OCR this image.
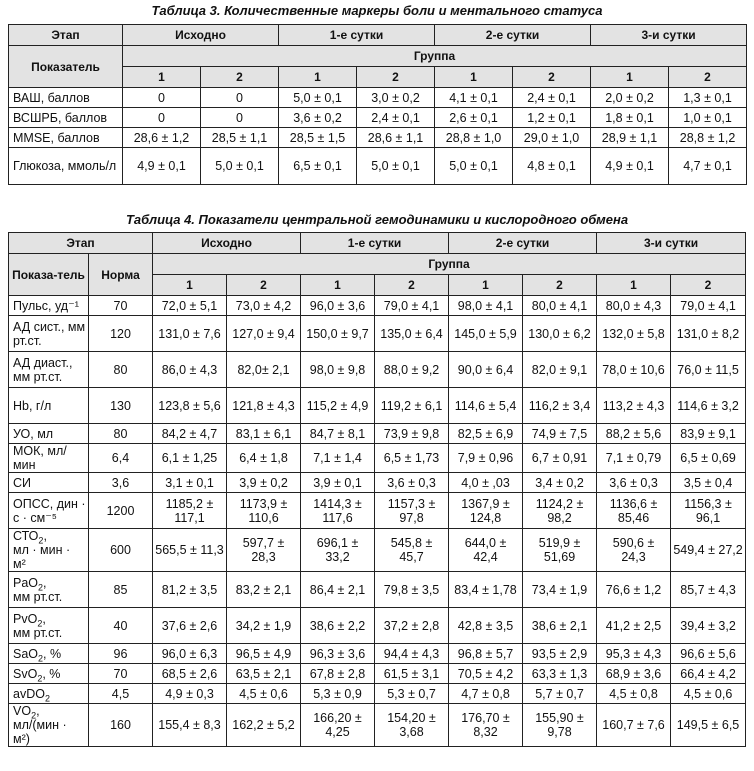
Таблица 3. Количественные маркеры боли и ментального статуса
Этап	Исходно		1-е сутки		2-е сутки		3-и сутки	
Показатель	Группа							
	1	2	1	2	1	2	1	2
ВАШ, баллов	0	0	5,0 ± 0,1	3,0 ± 0,2	4,1 ± 0,1	2,4 ± 0,1	2,0 ± 0,2	1,3 ± 0,1
ВСШРБ, баллов	0	0	3,6 ± 0,2	2,4 ± 0,1	2,6 ± 0,1	1,2 ± 0,1	1,8 ± 0,1	1,0 ± 0,1
MMSE, баллов	28,6 ± 1,2	28,5 ± 1,1	28,5 ± 1,5	28,6 ± 1,1	28,8 ± 1,0	29,0 ± 1,0	28,9 ± 1,1	28,8 ± 1,2
Глюкоза, ммоль/л	4,9 ± 0,1	5,0 ± 0,1	6,5 ± 0,1	5,0 ± 0,1	5,0 ± 0,1	4,8 ± 0,1	4,9 ± 0,1	4,7 ± 0,1
Таблица 4. Показатели центральной гемодинамики и кислородного обмена
Этап		Исходно		1-е сутки		2-е сутки		3-и сутки	
Показа-тель	Норма	Группа							
		1	2	1	2	1	2	1	2
Пульс, уд⁻¹	70	72,0 ± 5,1	73,0 ± 4,2	96,0 ± 3,6	79,0 ± 4,1	98,0 ± 4,1	80,0 ± 4,1	80,0 ± 4,3	79,0 ± 4,1
АД сист., мм рт.ст.	120	131,0 ± 7,6	127,0 ± 9,4	150,0 ± 9,7	135,0 ± 6,4	145,0 ± 5,9	130,0 ± 6,2	132,0 ± 5,8	131,0 ± 8,2
АД диаст., мм рт.ст.	80	86,0 ± 4,3	82,0± 2,1	98,0 ± 9,8	88,0 ± 9,2	90,0 ± 6,4	82,0 ± 9,1	78,0 ± 10,6	76,0 ± 11,5
Hb, г/л	130	123,8 ± 5,6	121,8 ± 4,3	115,2 ± 4,9	119,2 ± 6,1	114,6 ± 5,4	116,2 ± 3,4	113,2 ± 4,3	114,6 ± 3,2
УО, мл	80	84,2 ± 4,7	83,1 ± 6,1	84,7 ± 8,1	73,9 ± 9,8	82,5 ± 6,9	74,9 ± 7,5	88,2 ± 5,6	83,9 ± 9,1
МОК, мл/мин	6,4	6,1 ± 1,25	6,4 ± 1,8	7,1 ± 1,4	6,5 ± 1,73	7,9 ± 0,96	6,7 ± 0,91	7,1 ± 0,79	6,5 ± 0,69
СИ	3,6	3,1 ± 0,1	3,9 ± 0,2	3,9 ± 0,1	3,6 ± 0,3	4,0 ± ,03	3,4 ± 0,2	3,6 ± 0,3	3,5 ± 0,4
ОПСС, дин · с · см⁻⁵	1200	1185,2 ± 117,1	1173,9 ± 110,6	1414,3 ± 117,6	1157,3 ± 97,8	1367,9 ± 124,8	1124,2 ± 98,2	1136,6 ± 85,46	1156,3 ± 96,1
$СТО_2$,
мл · мин · м²	600	565,5 ± 11,3	597,7 ± 28,3	696,1 ± 33,2	545,8 ± 45,7	644,0 ± 42,4	519,9 ± 51,69	590,6 ± 24,3	549,4 ± 27,2
PaO$_2$,
мм рт.ст.	85	81,2 ± 3,5	83,2 ± 2,1	86,4 ± 2,1	79,8 ± 3,5	83,4 ± 1,78	73,4 ± 1,9	76,6 ± 1,2	85,7 ± 4,3
PvO$_2$,
мм рт.ст.	40	37,6 ± 2,6	34,2 ± 1,9	38,6 ± 2,2	37,2 ± 2,8	42,8 ± 3,5	38,6 ± 2,1	41,2 ± 2,5	39,4 ± 3,2
SaO$_2$, %	96	96,0 ± 6,3	96,5 ± 4,9	96,3 ± 3,6	94,4 ± 4,3	96,8 ± 5,7	93,5 ± 2,9	95,3 ± 4,3	96,6 ± 5,6
SvO$_2$, %	70	68,5 ± 2,6	63,5 ± 2,1	67,8 ± 2,8	61,5 ± 3,1	70,5 ± 4,2	63,3 ± 1,3	68,9 ± 3,6	66,4 ± 4,2
avDO$_2$	4,5	4,9 ± 0,3	4,5 ± 0,6	5,3 ± 0,9	5,3 ± 0,7	4,7 ± 0,8	5,7 ± 0,7	4,5 ± 0,8	4,5 ± 0,6
$VO_2$,
мл/(мин · м²)	160	155,4 ± 8,3	162,2 ± 5,2	166,20 ± 4,25	154,20 ± 3,68	176,70 ± 8,32	155,90 ± 9,78	160,7 ± 7,6	149,5 ± 6,5
